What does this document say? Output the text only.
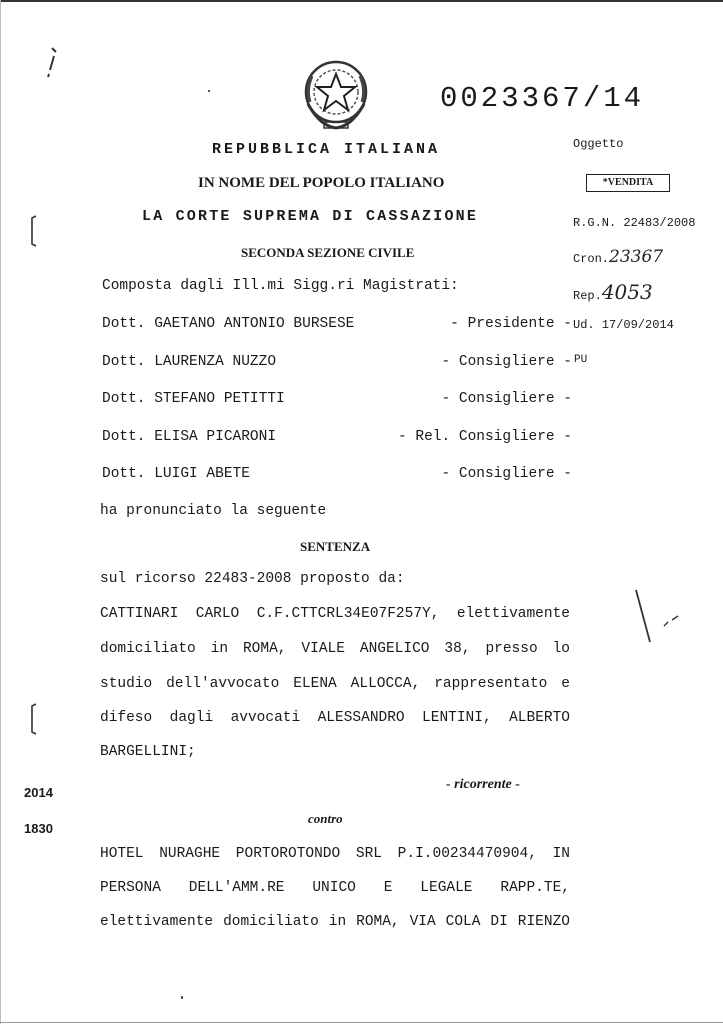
0023367/14
REPUBBLICA ITALIANA
IN NOME DEL POPOLO ITALIANO
LA CORTE SUPREMA DI CASSAZIONE
SECONDA SEZIONE CIVILE
Oggetto
*VENDITA
R.G.N. 22483/2008
Cron.23367
Rep.4053
Ud. 17/09/2014
PU
Composta dagli Ill.mi Sigg.ri Magistrati:
Dott. GAETANO ANTONIO BURSESE	- Presidente -
Dott. LAURENZA NUZZO	- Consigliere -
Dott. STEFANO PETITTI	- Consigliere -
Dott. ELISA PICARONI	- Rel. Consigliere -
Dott. LUIGI ABETE	- Consigliere -
ha pronunciato la seguente
SENTENZA
sul ricorso 22483-2008 proposto da:
CATTINARI CARLO C.F.CTTCRL34E07F257Y, elettivamente
domiciliato in ROMA, VIALE ANGELICO 38, presso lo
studio dell'avvocato ELENA ALLOCCA, rappresentato e
difeso dagli avvocati ALESSANDRO LENTINI, ALBERTO
BARGELLINI;
- ricorrente -
contro
HOTEL NURAGHE PORTOROTONDO SRL P.I.00234470904, IN
PERSONA DELL'AMM.RE UNICO E LEGALE RAPP.TE,
elettivamente domiciliato in ROMA, VIA COLA DI RIENZO
2014
1830
